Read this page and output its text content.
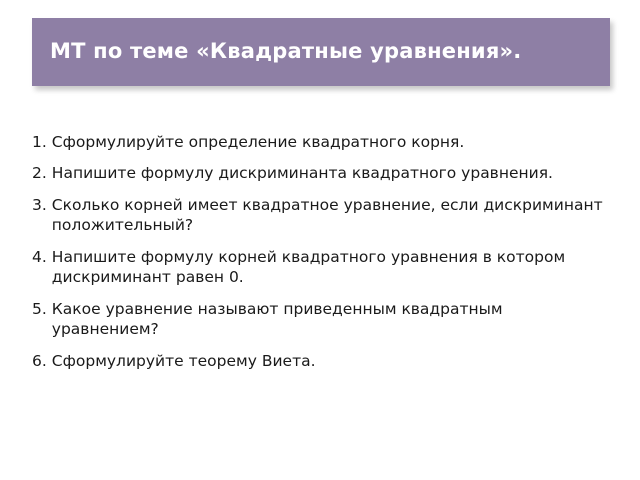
МТ по теме «Квадратные уравнения».
1. Сформулируйте определение квадратного корня.
2. Напишите формулу дискриминанта квадратного уравнения.
3. Сколько корней имеет квадратное уравнение, если дискриминант положительный?
4. Напишите формулу корней квадратного уравнения в котором дискриминант равен 0.
5. Какое уравнение называют приведенным квадратным уравнением?
6. Сформулируйте теорему Виета.
